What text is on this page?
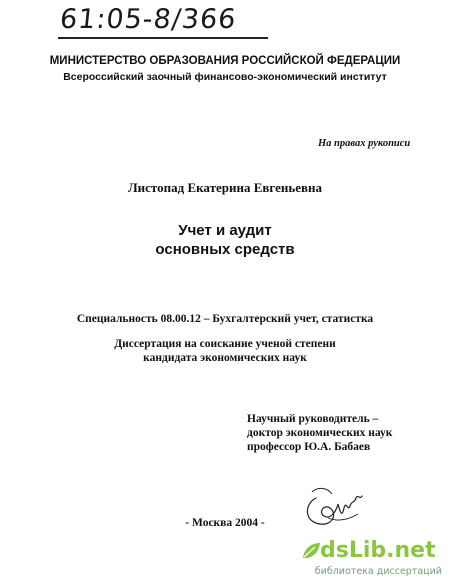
61:05-8/366
МИНИСТЕРСТВО ОБРАЗОВАНИЯ РОССИЙСКОЙ ФЕДЕРАЦИИ
Всероссийский заочный финансово-экономический институт
На правах рукописи
Листопад Екатерина Евгеньевна
Учет и аудит
основных средств
Специальность 08.00.12 – Бухгалтерский учет, статистка
Диссертация на соискание ученой степени
кандидата экономических наук
Научный руководитель –
доктор экономических наук
профессор Ю.А. Бабаев
- Москва 2004 -
dsLib.net
библиотека диссертаций
